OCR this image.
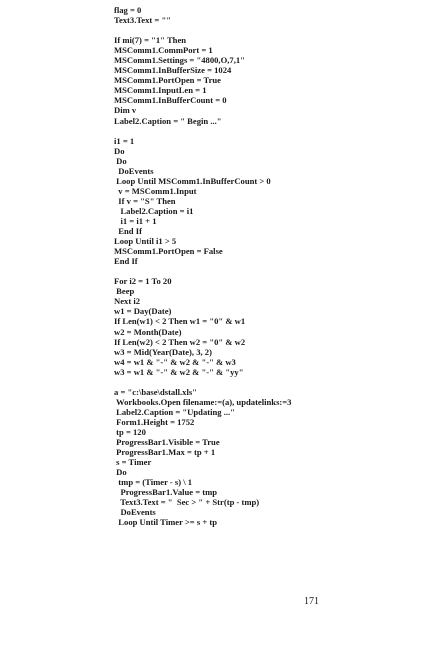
flag = 0
Text3.Text = ""
If mi(7) = "1" Then
MSComm1.CommPort = 1
MSComm1.Settings = "4800,O,7,1"
MSComm1.InBufferSize = 1024
MSComm1.PortOpen = True
MSComm1.InputLen = 1
MSComm1.InBufferCount = 0
Dim v
Label2.Caption = " Begin ..."
i1 = 1
Do
Do
DoEvents
Loop Until MSComm1.InBufferCount > 0
v = MSComm1.Input
If v = "S" Then
Label2.Caption = i1
i1 = i1 + 1
End If
Loop Until i1 > 5
MSComm1.PortOpen = False
End If
For i2 = 1 To 20
Beep
Next i2
w1 = Day(Date)
If Len(w1) < 2 Then w1 = "0" & w1
w2 = Month(Date)
If Len(w2) < 2 Then w2 = "0" & w2
w3 = Mid(Year(Date), 3, 2)
w4 = w1 & "-" & w2 & "-" & w3
w3 = w1 & "-" & w2 & "-" & "yy"
a = "c:\base\dstall.xls"
Workbooks.Open filename:=(a), updatelinks:=3
Label2.Caption = "Updating ..."
Form1.Height = 1752
tp = 120
ProgressBar1.Visible = True
ProgressBar1.Max = tp + 1
s = Timer
Do
tmp = (Timer - s) \ 1
ProgressBar1.Value = tmp
Text3.Text = "  Sec > " + Str(tp - tmp)
DoEvents
Loop Until Timer >= s + tp
171
